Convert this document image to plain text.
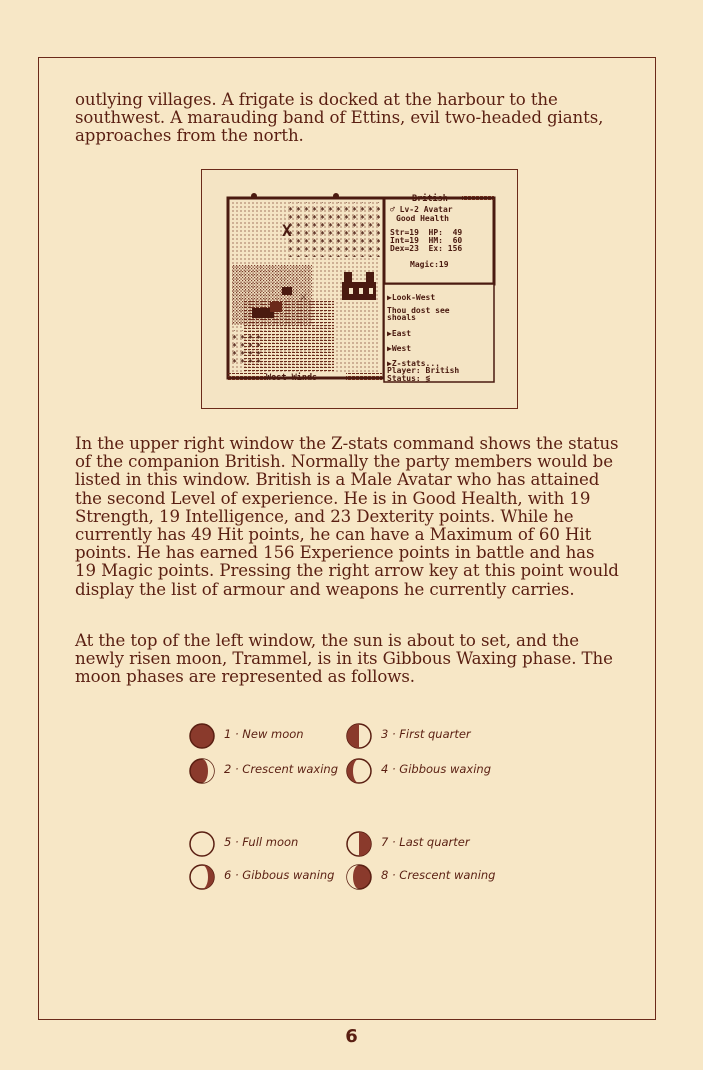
outlying villages. A frigate is docked at the harbour to the southwest. A marauding band of Ettins, evil two-headed giants, approaches from the north.

X
⚔
West Winds
British
♂ Lv-2 Avatar
Good Health
Str=19  HP:  49
Int=19  HM:  60
Dex=23  Ex: 156
Magic:19
▶Look-West
Thou dost see
shoals
▶East
▶West
▶Z-stats...
Player: British
Status: ≶

In the upper right window the Z-stats command shows the status of the companion British. Normally the party members would be listed in this window. British is a Male Avatar who has attained the second Level of experience. He is in Good Health, with 19 Strength, 19 Intelligence, and 23 Dexterity points. While he currently has 49 Hit points, he can have a Maximum of 60 Hit points. He has earned 156 Experience points in battle and has 19 Magic points. Pressing the right arrow key at this point would display the list of armour and weapons he currently carries.

At the top of the left window, the sun is about to set, and the newly risen moon, Trammel, is in its Gibbous Waxing phase. The moon phases are represented as follows.

1 · New moon	3 · First quarter
2 · Crescent waxing	4 · Gibbous waxing
5 · Full moon	7 · Last quarter
6 · Gibbous waning	8 · Crescent waning
6
